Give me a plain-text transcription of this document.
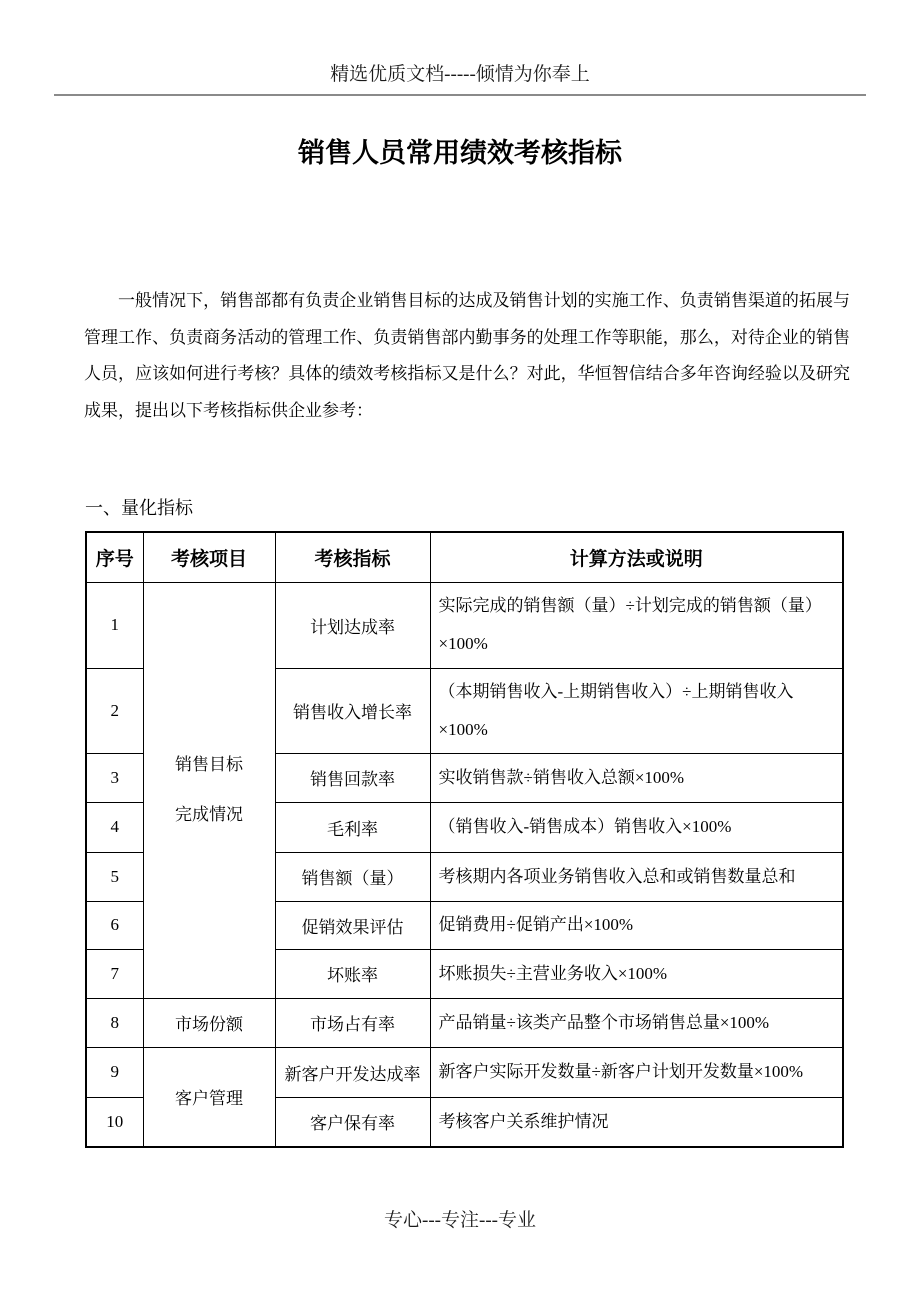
精选优质文档-----倾情为你奉上
销售人员常用绩效考核指标
一般情况下，销售部都有负责企业销售目标的达成及销售计划的实施工作、负责销售渠道的拓展与管理工作、负责商务活动的管理工作、负责销售部内勤事务的处理工作等职能，那么，对待企业的销售人员，应该如何进行考核？具体的绩效考核指标又是什么？对此，华恒智信结合多年咨询经验以及研究成果，提出以下考核指标供企业参考：
一、量化指标
序号	考核项目	考核指标	计算方法或说明
1	销售目标完成情况	计划达成率	实际完成的销售额（量）÷计划完成的销售额（量）×100%
2		销售收入增长率	（本期销售收入-上期销售收入）÷上期销售收入×100%
3		销售回款率	实收销售款÷销售收入总额×100%
4		毛利率	（销售收入-销售成本）销售收入×100%
5		销售额（量）	考核期内各项业务销售收入总和或销售数量总和
6		促销效果评估	促销费用÷促销产出×100%
7		坏账率	坏账损失÷主营业务收入×100%
8	市场份额	市场占有率	产品销量÷该类产品整个市场销售总量×100%
9	客户管理	新客户开发达成率	新客户实际开发数量÷新客户计划开发数量×100%
10		客户保有率	考核客户关系维护情况
专心---专注---专业
